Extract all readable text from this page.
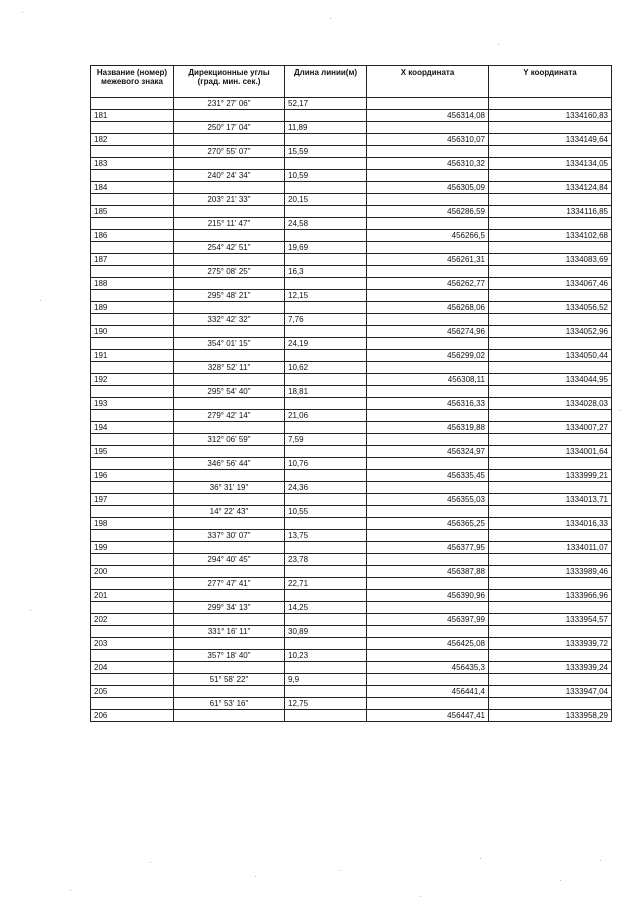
Название (номер) межевого знака	Дирекционные углы (град. мин. сек.)	Длина линии(м)	X координата	Y координата
	231° 27' 06"	52,17		
181			456314,08	1334160,83
	250° 17' 04"	11,89		
182			456310,07	1334149,64
	270° 55' 07"	15,59		
183			456310,32	1334134,05
	240° 24' 34"	10,59		
184			456305,09	1334124,84
	203° 21' 33"	20,15		
185			456286,59	1334116,85
	215° 11' 47"	24,58		
186			456266,5	1334102,68
	254° 42' 51"	19,69		
187			456261,31	1334083,69
	275° 08' 25"	16,3		
188			456262,77	1334067,46
	295° 48' 21"	12,15		
189			456268,06	1334056,52
	332° 42' 32"	7,76		
190			456274,96	1334052,96
	354° 01' 15"	24,19		
191			456299,02	1334050,44
	328° 52' 11"	10,62		
192			456308,11	1334044,95
	295° 54' 40"	18,81		
193			456316,33	1334028,03
	279° 42' 14"	21,06		
194			456319,88	1334007,27
	312° 06' 59"	7,59		
195			456324,97	1334001,64
	346° 56' 44"	10,76		
196			456335,45	1333999,21
	36° 31' 19"	24,36		
197			456355,03	1334013,71
	14° 22' 43"	10,55		
198			456365,25	1334016,33
	337° 30' 07"	13,75		
199			456377,95	1334011,07
	294° 40' 45"	23,78		
200			456387,88	1333989,46
	277° 47' 41"	22,71		
201			456390,96	1333966,96
	299° 34' 13"	14,25		
202			456397,99	1333954,57
	331° 16' 11"	30,89		
203			456425,08	1333939,72
	357° 18' 40"	10,23		
204			456435,3	1333939,24
	51° 58' 22"	9,9		
205			456441,4	1333947,04
	61° 53' 16"	12,75		
206			456447,41	1333958,29
